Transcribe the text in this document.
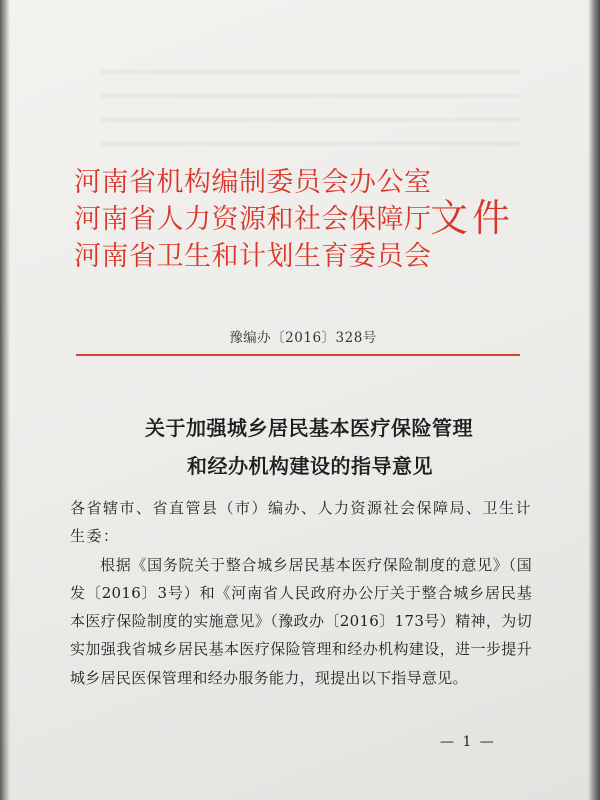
河南省机构编制委员会办公室
河南省人力资源和社会保障厅
河南省卫生和计划生育委员会
文件
豫编办〔2016〕328号
关于加强城乡居民基本医疗保险管理
和经办机构建设的指导意见

各省辖市、省直管县（市）编办、人力资源社会保障局、卫生计生委：

根据《国务院关于整合城乡居民基本医疗保险制度的意见》（国发〔2016〕3号）和《河南省人民政府办公厅关于整合城乡居民基本医疗保险制度的实施意见》（豫政办〔2016〕173号）精神，为切实加强我省城乡居民基本医疗保险管理和经办机构建设，进一步提升城乡居民医保管理和经办服务能力，现提出以下指导意见。

— 1 —
